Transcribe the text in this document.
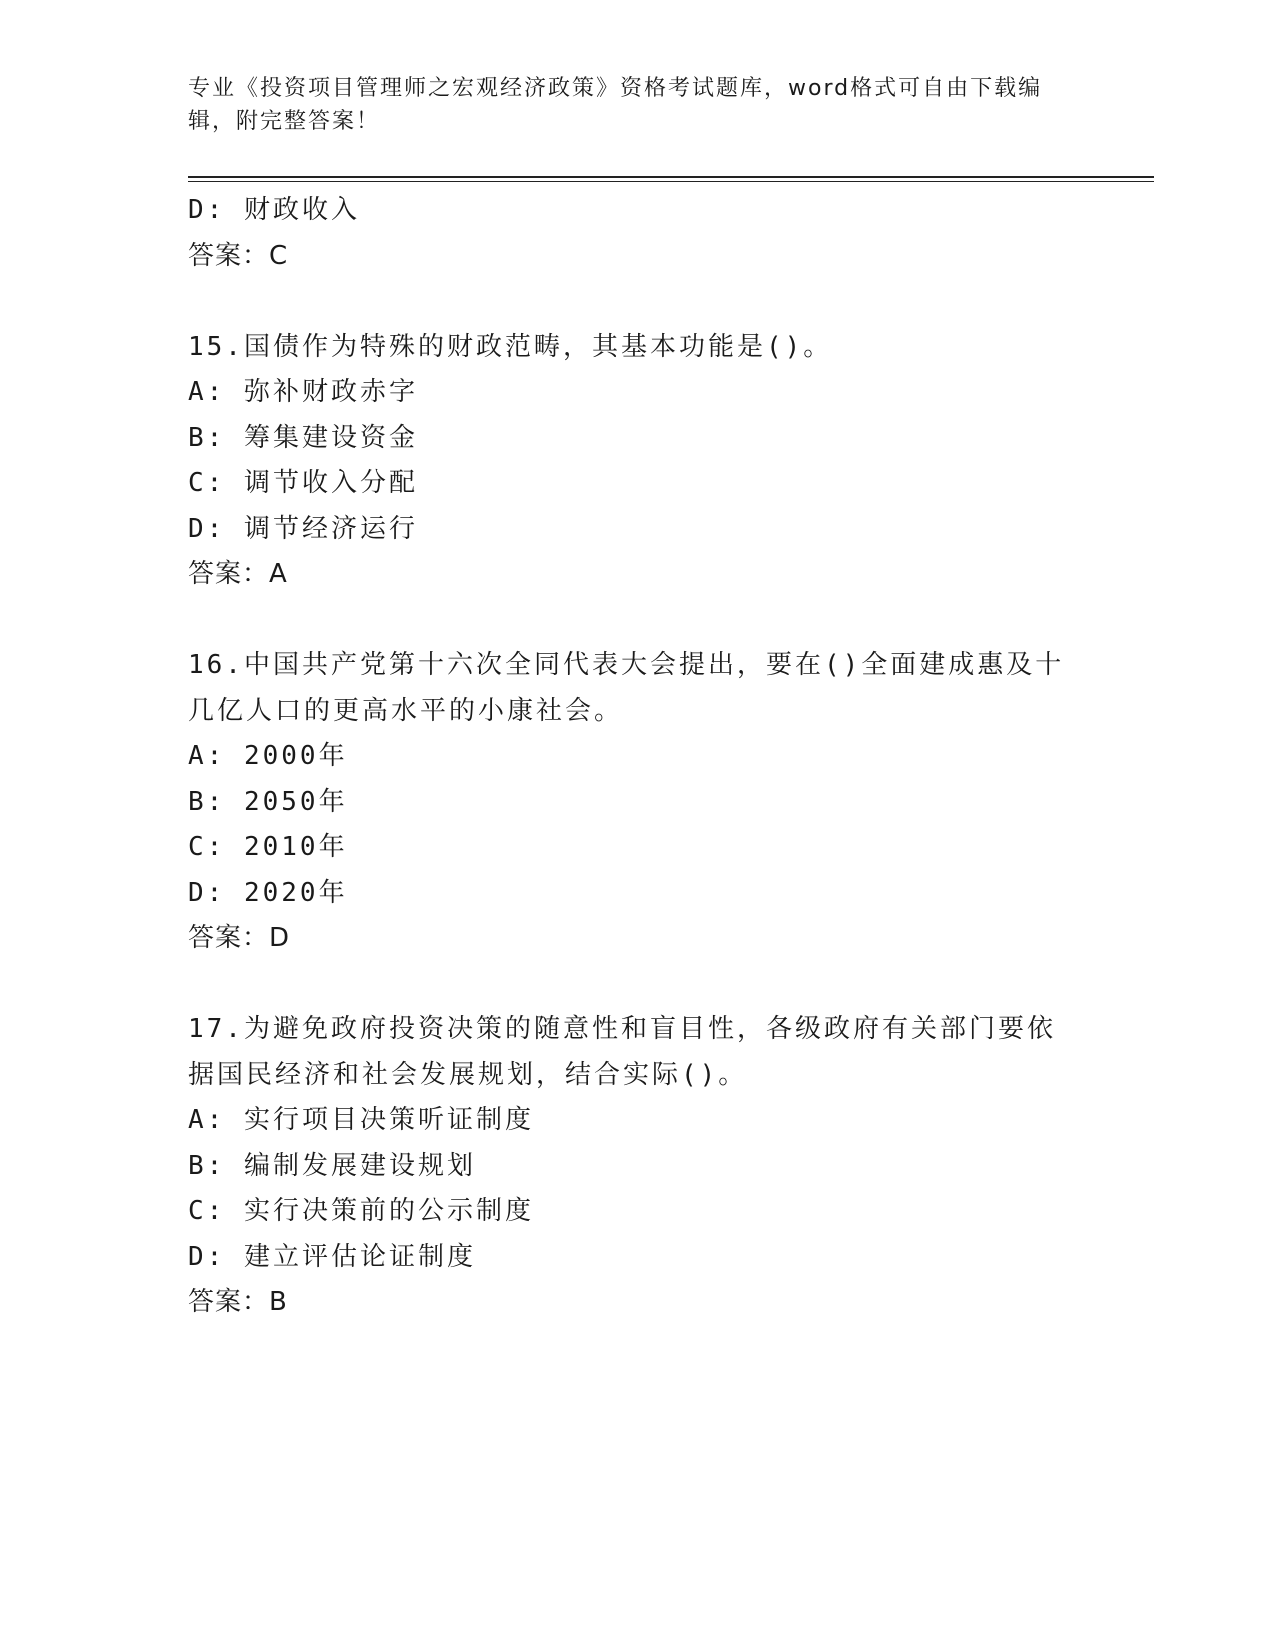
专业《投资项目管理师之宏观经济政策》资格考试题库，word格式可自由下载编辑，附完整答案！
D: 财政收入
答案：C
15.国债作为特殊的财政范畴，其基本功能是()。
A: 弥补财政赤字
B: 筹集建设资金
C: 调节收入分配
D: 调节经济运行
答案：A
16.中国共产党第十六次全同代表大会提出，要在()全面建成惠及十几亿人口的更高水平的小康社会。
A: 2000年
B: 2050年
C: 2010年
D: 2020年
答案：D
17.为避免政府投资决策的随意性和盲目性，各级政府有关部门要依据国民经济和社会发展规划，结合实际()。
A: 实行项目决策听证制度
B: 编制发展建设规划
C: 实行决策前的公示制度
D: 建立评估论证制度
答案：B
